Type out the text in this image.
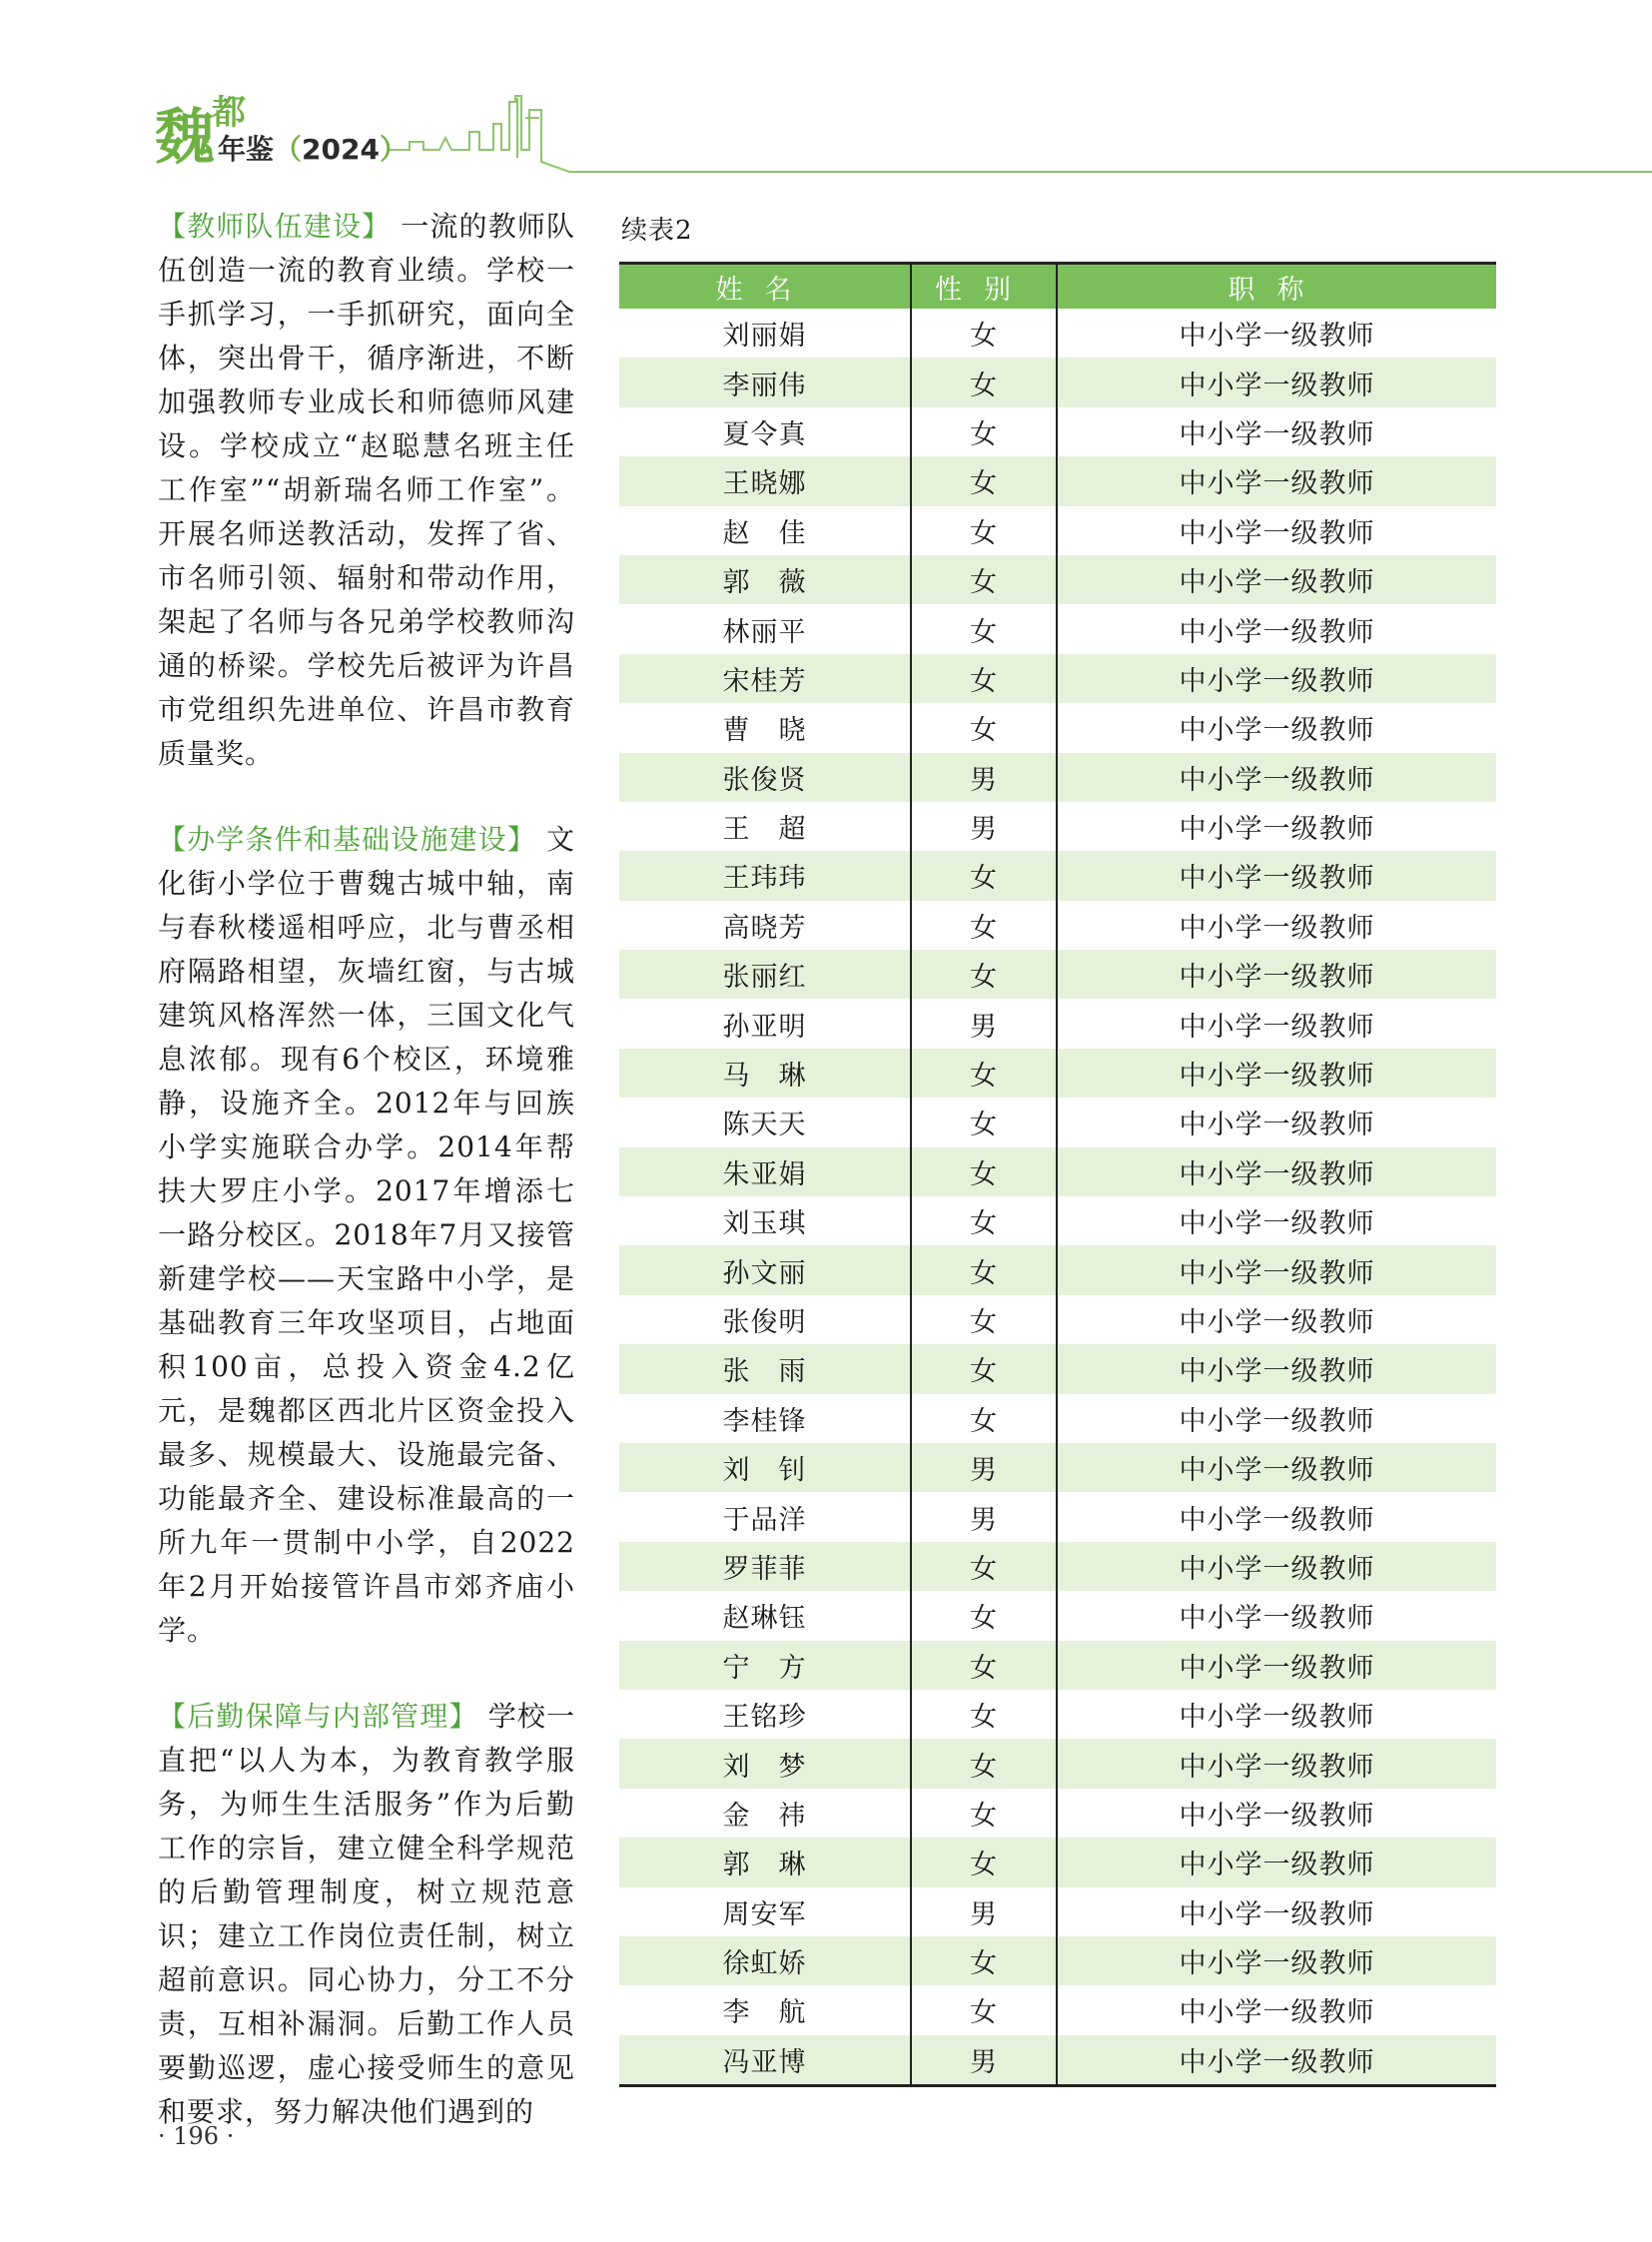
魏
都
年鉴（2024）

【教师队伍建设】 一流的教师队伍创造一流的教育业绩。学校一手抓学习，一手抓研究，面向全体，突出骨干，循序渐进，不断加强教师专业成长和师德师风建设。学校成立“赵聪慧名班主任工作室”“胡新瑞名师工作室”。开展名师送教活动，发挥了省、市名师引领、辐射和带动作用，架起了名师与各兄弟学校教师沟通的桥梁。学校先后被评为许昌市党组织先进单位、许昌市教育质量奖。

【办学条件和基础设施建设】 文化街小学位于曹魏古城中轴，南与春秋楼遥相呼应，北与曹丞相府隔路相望，灰墙红窗，与古城建筑风格浑然一体，三国文化气息浓郁。现有6个校区，环境雅静，设施齐全。2012年与回族小学实施联合办学。2014年帮扶大罗庄小学。2017年增添七一路分校区。2018年7月又接管新建学校——天宝路中小学，是基础教育三年攻坚项目，占地面积100亩，总投入资金4.2亿元，是魏都区西北片区资金投入最多、规模最大、设施最完备、功能最齐全、建设标准最高的一所九年一贯制中小学，自2022年2月开始接管许昌市郊齐庙小学。

【后勤保障与内部管理】 学校一直把“以人为本，为教育教学服务，为师生生活服务”作为后勤工作的宗旨，建立健全科学规范的后勤管理制度，树立规范意识；建立工作岗位责任制，树立超前意识。同心协力，分工不分责，互相补漏洞。后勤工作人员要勤巡逻，虚心接受师生的意见和要求，努力解决他们遇到的

续表2
姓名	性别	职称
刘丽娟	女	中小学一级教师
李丽伟	女	中小学一级教师
夏令真	女	中小学一级教师
王晓娜	女	中小学一级教师
赵　佳	女	中小学一级教师
郭　薇	女	中小学一级教师
林丽平	女	中小学一级教师
宋桂芳	女	中小学一级教师
曹　晓	女	中小学一级教师
张俊贤	男	中小学一级教师
王　超	男	中小学一级教师
王玮玮	女	中小学一级教师
高晓芳	女	中小学一级教师
张丽红	女	中小学一级教师
孙亚明	男	中小学一级教师
马　琳	女	中小学一级教师
陈天天	女	中小学一级教师
朱亚娟	女	中小学一级教师
刘玉琪	女	中小学一级教师
孙文丽	女	中小学一级教师
张俊明	女	中小学一级教师
张　雨	女	中小学一级教师
李桂锋	女	中小学一级教师
刘　钊	男	中小学一级教师
于品洋	男	中小学一级教师
罗菲菲	女	中小学一级教师
赵琳钰	女	中小学一级教师
宁　方	女	中小学一级教师
王铭珍	女	中小学一级教师
刘　梦	女	中小学一级教师
金　祎	女	中小学一级教师
郭　琳	女	中小学一级教师
周安军	男	中小学一级教师
徐虹娇	女	中小学一级教师
李　航	女	中小学一级教师
冯亚博	男	中小学一级教师
· 196 ·
